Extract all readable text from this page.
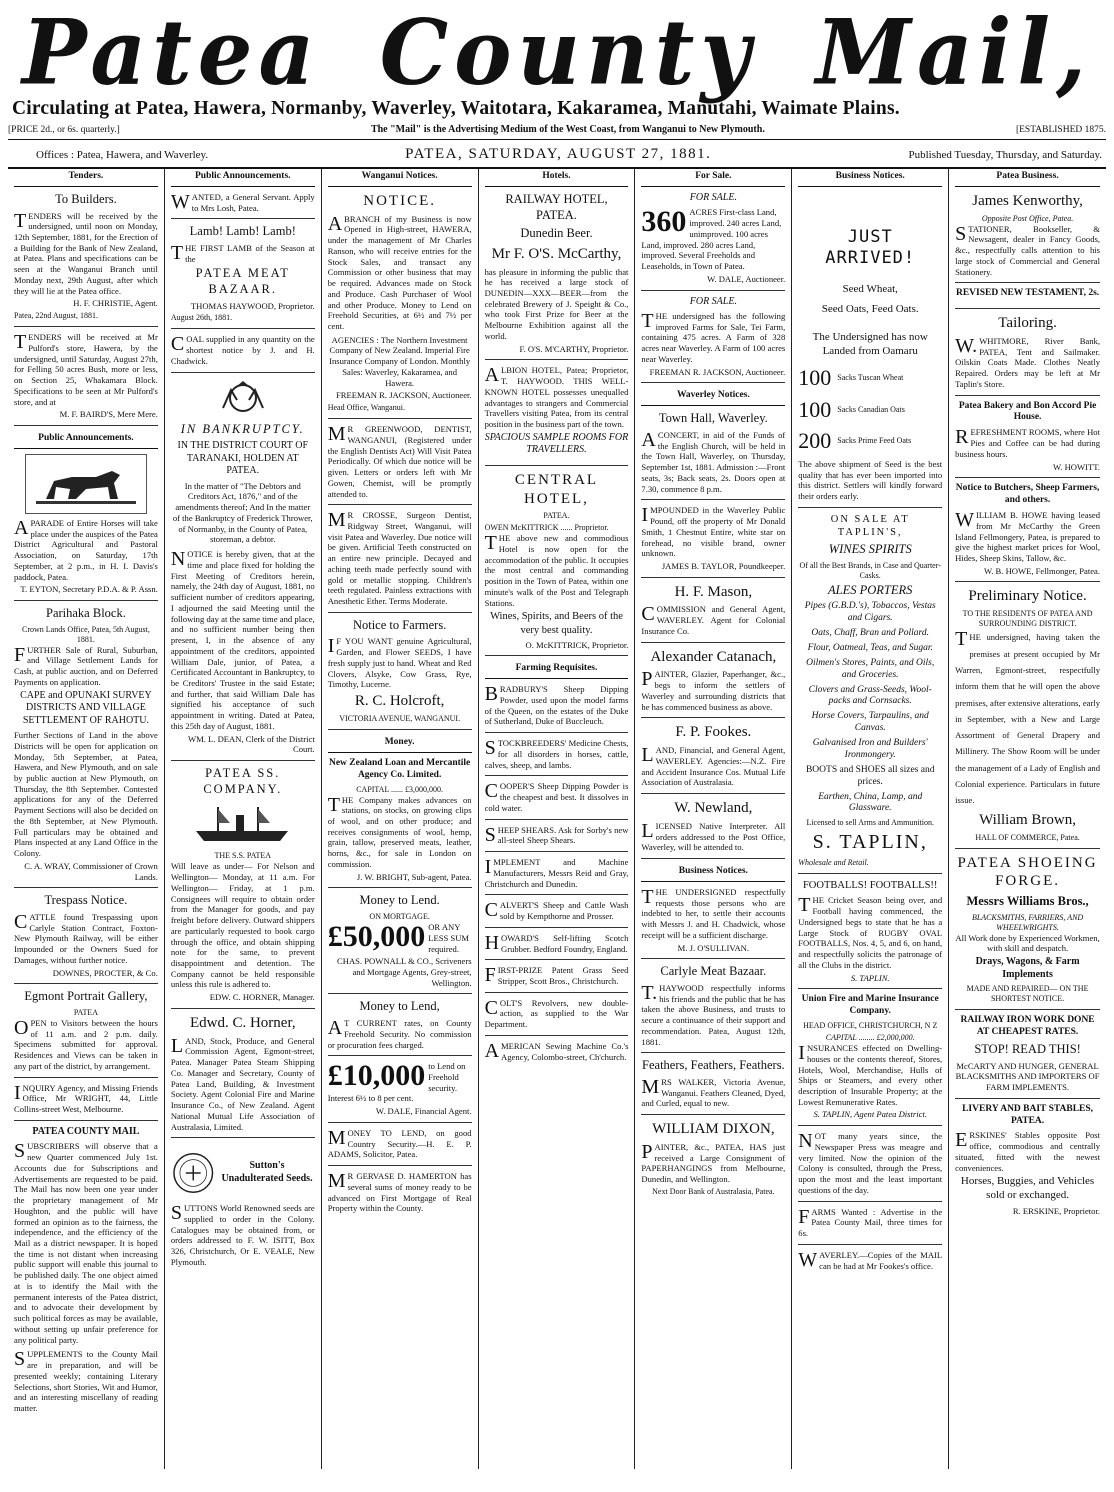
Patea County Mail,
Circulating at Patea, Hawera, Normanby, Waverley, Waitotara, Kakaramea, Manutahi, Waimate Plains.
[PRICE 2d., or 6s. quarterly.]	The "Mail" is the Advertising Medium of the West Coast, from Wanganui to New Plymouth.	[ESTABLISHED 1875.
Offices : Patea, Hawera, and Waverley.	PATEA, SATURDAY, AUGUST 27, 1881.	Published Tuesday, Thursday, and Saturday.
Tenders.
To Builders.

TENDERS will be received by the undersigned, until noon on Monday, 12th September, 1881, for the Erection of a Building for the Bank of New Zealand, at Patea. Plans and specifications can be seen at the Wanganui Branch until Monday next, 29th August, after which they will lie at the Patea office.

H. F. CHRISTIE, Agent.
Patea, 22nd August, 1881.

TENDERS will be received at Mr Pulford's store, Hawera, by the undersigned, until Saturday, August 27th, for Felling 50 acres Bush, more or less, on Section 25, Whakamara Block. Specifications to be seen at Mr Pulford's store, and at

M. F. BAIRD'S, Mere Mere.
Public Announcements.

APARADE of Entire Horses will take place under the auspices of the Patea District Agricultural and Pastoral Association, on Saturday, 17th September, at 2 p.m., in H. I. Davis's paddock, Patea.

T. EYTON, Secretary P.D.A. & P. Assn.
Parihaka Block.
Crown Lands Office, Patea, 5th August, 1881.

FURTHER Sale of Rural, Suburban, and Village Settlement Lands for Cash, at public auction, and on Deferred Payments on application.

CAPE and OPUNAKI SURVEY DISTRICTS AND VILLAGE SETTLEMENT OF RAHOTU.

Further Sections of Land in the above Districts will be open for application on Monday, 5th September, at Patea, Hawera, and New Plymouth, and on sale by public auction at New Plymouth, on Thursday, the 8th September. Contested applications for any of the Deferred Payment Sections will also be decided on the 8th September, at New Plymouth. Full particulars may be obtained and Plans inspected at any Land Office in the Colony.

C. A. WRAY, Commissioner of Crown Lands.
Trespass Notice.

CATTLE found Trespassing upon Carlyle Station Contract, Foxton-New Plymouth Railway, will be either Impounded or the Owners Sued for Damages, without further notice.

DOWNES, PROCTER, & Co.
Egmont Portrait Gallery,
PATEA

OPEN to Visitors between the hours of 11 a.m. and 2 p.m. daily. Specimens submitted for approval. Residences and Views can be taken in any part of the district, by arrangement.

INQUIRY Agency, and Missing Friends Office, Mr WRIGHT, 44, Little Collins-street West, Melbourne.

PATEA COUNTY MAIL

SUBSCRIBERS will observe that a new Quarter commenced July 1st. Accounts due for Subscriptions and Advertisements are requested to be paid. The Mail has now been one year under the proprietary management of Mr Houghton, and the public will have formed an opinion as to the fairness, the independence, and the efficiency of the Mail as a district newspaper. It is hoped the time is not distant when increasing public support will enable this journal to be published daily. The one object aimed at is to identify the Mail with the permanent interests of the Patea district, and to advocate their development by such political forces as may be available, without setting up unfair preference for any political party.

SUPPLEMENTS to the County Mail are in preparation, and will be presented weekly; containing Literary Selections, short Stories, Wit and Humor, and an interesting miscellany of reading matter.

Public Announcements.

WANTED, a General Servant. Apply to Mrs Losh, Patea.

Lamb! Lamb! Lamb!

THE FIRST LAMB of the Season at the

PATEA MEAT BAZAAR.
THOMAS HAYWOOD, Proprietor.
August 26th, 1881.

COAL supplied in any quantity on the shortest notice by J. and H. Chadwick.

IN BANKRUPTCY.
IN THE DISTRICT COURT OF TARANAKI, HOLDEN AT PATEA.

In the matter of "The Debtors and Creditors Act, 1876," and of the amendments thereof; And In the matter of the Bankruptcy of Frederick Thrower, of Normanby, in the County of Patea, storeman, a debtor.

NOTICE is hereby given, that at the time and place fixed for holding the First Meeting of Creditors herein, namely, the 24th day of August, 1881, no sufficient number of creditors appearing, I adjourned the said Meeting until the following day at the same time and place, and no sufficient number being then present, I, in the absence of any appointment of the creditors, appointed William Dale, junior, of Patea, a Certificated Accountant in Bankruptcy, to be Creditors' Trustee in the said Estate; and further, that said William Dale has signified his acceptance of such appointment in writing. Dated at Patea, this 25th day of August, 1881.

WM. L. DEAN, Clerk of the District Court.
PATEA SS. COMPANY.
THE S.S. PATEA

Will leave as under— For Nelson and Wellington— Monday, at 11 a.m. For Wellington— Friday, at 1 p.m. Consignees will require to obtain order from the Manager for goods, and pay freight before delivery. Outward shippers are particularly requested to book cargo through the office, and obtain shipping note for the same, to prevent disappointment and detention. The Company cannot be held responsible unless this rule is adhered to.

EDW. C. HORNER, Manager.
Edwd. C. Horner,

LAND, Stock, Produce, and General Commission Agent, Egmont-street, Patea. Manager Patea Steam Shipping Co. Manager and Secretary, County of Patea Land, Building, & Investment Society. Agent Colonial Fire and Marine Insurance Co., of New Zealand. Agent National Mutual Life Association of Australasia, Limited.

Sutton's Unadulterated Seeds.

SUTTONS World Renowned seeds are supplied to order in the Colony. Catalogues may be obtained from, or orders addressed to F. W. ISITT, Box 326, Christchurch, Or E. VEALE, New Plymouth.

Wanganui Notices.
NOTICE.

ABRANCH of my Business is now Opened in High-street, HAWERA, under the management of Mr Charles Ranson, who will receive entries for the Stock Sales, and transact any Commission or other business that may be required. Advances made on Stock and Produce. Cash Purchaser of Wool and other Produce. Money to Lend on Freehold Securities, at 6½ and 7½ per cent.

AGENCIES : The Northern Investment Company of New Zealand. Imperial Fire Insurance Company of London. Monthly Sales: Waverley, Kakaramea, and Hawera.

FREEMAN R. JACKSON, Auctioneer.
Head Office, Wanganui.

MR GREENWOOD, DENTIST, WANGANUI, (Registered under the English Dentists Act) Will Visit Patea Periodically. Of which due notice will be given. Letters or orders left with Mr Gowen, Chemist, will be promptly attended to.

MR CROSSE, Surgeon Dentist, Ridgway Street, Wanganui, will visit Patea and Waverley. Due notice will be given. Artificial Teeth constructed on an entire new principle. Decayed and aching teeth made perfectly sound with gold or metallic stopping. Children's teeth regulated. Painless extractions with Anesthetic Ether. Terms Moderate.

Notice to Farmers.

IF YOU WANT genuine Agricultural, Garden, and Flower SEEDS, I have fresh supply just to hand. Wheat and Red Clovers, Alsyke, Cow Grass, Rye, Timothy, Lucerne.

R. C. Holcroft,
VICTORIA AVENUE, WANGANUI.
Money.
New Zealand Loan and Mercantile Agency Co. Limited.
CAPITAL ...... £3,000,000.

THE Company makes advances on stations, on stocks, on growing clips of wool, and on other produce; and receives consignments of wool, hemp, grain, tallow, preserved meats, leather, horns, &c., for sale in London on commission.

J. W. BRIGHT, Sub-agent, Patea.
Money to Lend.
ON MORTGAGE.
£50,000 OR ANY LESS SUM required.
CHAS. POWNALL & CO., Scriveners and Mortgage Agents, Grey-street, Wellington.
Money to Lend,

AT CURRENT rates, on County Freehold Security. No commission or procuration fees charged.

£10,000 to Lend on Freehold security. Interest 6½ to 8 per cent.
W. DALE, Financial Agent.

MONEY TO LEND, on good Country Security.—H. E. P. ADAMS, Solicitor, Patea.

MR GERVASE D. HAMERTON has several sums of money ready to be advanced on First Mortgage of Real Property within the County.

Hotels.
RAILWAY HOTEL, PATEA.
Dunedin Beer.
Mr F. O'S. McCarthy,

has pleasure in informing the public that he has received a large stock of DUNEDIN—XXX—BEER—from the celebrated Brewery of J. Speight & Co., who took First Prize for Beer at the Melbourne Exhibition against all the world.

F. O'S. M'CARTHY, Proprietor.

ALBION HOTEL, Patea; Proprietor, T. HAYWOOD. THIS WELL-KNOWN HOTEL possesses unequalled advantages to strangers and Commercial Travellers visiting Patea, from its central position in the business part of the town.

SPACIOUS SAMPLE ROOMS FOR TRAVELLERS.
CENTRAL HOTEL,
PATEA.
OWEN McKITTRICK ...... Proprietor.

THE above new and commodious Hotel is now open for the accommodation of the public. It occupies the most central and commanding position in the Town of Patea, within one minute's walk of the Post and Telegraph Stations.

Wines, Spirits, and Beers of the very best quality.
O. McKITTRICK, Proprietor.
Farming Requisites.

BRADBURY'S Sheep Dipping Powder, used upon the model farms of the Queen, on the estates of the Duke of Sutherland, Duke of Buccleuch.

STOCKBREEDERS' Medicine Chests, for all disorders in horses, cattle, calves, sheep, and lambs.

COOPER'S Sheep Dipping Powder is the cheapest and best. It dissolves in cold water.

SHEEP SHEARS. Ask for Sorby's new all-steel Sheep Shears.

IMPLEMENT and Machine Manufacturers, Messrs Reid and Gray, Christchurch and Dunedin.

CALVERT'S Sheep and Cattle Wash sold by Kempthorne and Prosser.

HOWARD'S Self-lifting Scotch Grubber. Bedford Foundry, England.

FIRST-PRIZE Patent Grass Seed Stripper, Scott Bros., Christchurch.

COLT'S Revolvers, new double-action, as supplied to the War Department.

AMERICAN Sewing Machine Co.'s Agency, Colombo-street, Ch'church.

For Sale.
FOR SALE.
360 ACRES First-class Land, improved. 240 acres Land, unimproved. 100 acres Land, improved. 280 acres Land, improved. Several Freeholds and Leaseholds, in Town of Patea.
W. DALE, Auctioneer.
FOR SALE.

THE undersigned has the following improved Farms for Sale, Tei Farm, containing 475 acres. A Farm of 328 acres near Waverley. A Farm of 100 acres near Waverley.

FREEMAN R. JACKSON, Auctioneer.
Waverley Notices.
Town Hall, Waverley.

ACONCERT, in aid of the Funds of the English Church, will be held in the Town Hall, Waverley, on Thursday, September 1st, 1881. Admission :—Front seats, 3s; Back seats, 2s. Doors open at 7.30, commence 8 p.m.

IMPOUNDED in the Waverley Public Pound, off the property of Mr Donald Smith, 1 Chestnut Entire, white star on forehead, no visible brand, owner unknown.

JAMES B. TAYLOR, Poundkeeper.
H. F. Mason,

COMMISSION and General Agent, WAVERLEY. Agent for Colonial Insurance Co.

Alexander Catanach,

PAINTER, Glazier, Paperhanger, &c., begs to inform the settlers of Waverley and surrounding districts that he has commenced business as above.

F. P. Fookes.

LAND, Financial, and General Agent, WAVERLEY. Agencies:—N.Z. Fire and Accident Insurance Cos. Mutual Life Association of Australasia.

W. Newland,

LICENSED Native Interpreter. All orders addressed to the Post Office, Waverley, will be attended to.

Business Notices.

THE UNDERSIGNED respectfully requests those persons who are indebted to her, to settle their accounts with Messrs J. and H. Chadwick, whose receipt will be a sufficient discharge.

M. J. O'SULLIVAN.
Carlyle Meat Bazaar.

T.HAYWOOD respectfully informs his friends and the public that he has taken the above Business, and trusts to secure a continuance of their support and recommendation. Patea, August 12th, 1881.

Feathers, Feathers, Feathers.

MRS WALKER, Victoria Avenue, Wanganui. Feathers Cleaned, Dyed, and Curled, equal to new.

WILLIAM DIXON,

PAINTER, &c., PATEA, HAS just received a Large Consignment of PAPERHANGINGS from Melbourne, Dunedin, and Wellington.

Next Door Bank of Australasia, Patea.
Business Notices.
JUST ARRIVED!
Seed Wheat,
Seed Oats, Feed Oats.
The Undersigned has now Landed from Oamaru
100 Sacks Tuscan Wheat
100 Sacks Canadian Oats
200 Sacks Prime Feed Oats

The above shipment of Seed is the best quality that has ever been imported into this district. Settlers will kindly forward their orders early.

ON SALE AT TAPLIN'S,
WINES SPIRITS
Of all the Best Brands, in Case and Quarter-Casks.
ALES PORTERS
Pipes (G.B.D.'s), Tobaccos, Vestas and Cigars.
Oats, Chaff, Bran and Pollard.
Flour, Oatmeal, Teas, and Sugar.
Oilmen's Stores, Paints, and Oils, and Groceries.
Clovers and Grass-Seeds, Wool-packs and Cornsacks.
Horse Covers, Tarpaulins, and Canvas.
Galvanised Iron and Builders' Ironmongery.
BOOTS and SHOES all sizes and prices.
Earthen, China, Lamp, and Glassware.
Licensed to sell Arms and Ammunition.
S. TAPLIN,
Wholesale and Retail.
FOOTBALLS! FOOTBALLS!!

THE Cricket Season being over, and Football having commenced, the Undersigned begs to state that he has a Large Stock of RUGBY OVAL FOOTBALLS, Nos. 4, 5, and 6, on hand, and respectfully solicits the patronage of all the Clubs in the district.

S. TAPLIN.
Union Fire and Marine Insurance Company.
HEAD OFFICE, CHRISTCHURCH, N Z
CAPITAL ........ £2,000,000.

INSURANCES effected on Dwelling-houses or the contents thereof, Stores, Hotels, Wool, Merchandise, Hulls of Ships or Steamers, and every other description of Insurable Property; at the Lowest Remunerative Rates.

S. TAPLIN, Agent Patea District.

NOT many years since, the Newspaper Press was meagre and very limited. Now the opinion of the Colony is consulted, through the Press, upon the most and the least important questions of the day.

FARMS Wanted : Advertise in the Patea County Mail, three times for 6s.

WAVERLEY.—Copies of the MAIL can be had at Mr Fookes's office.

Patea Business.
James Kenworthy,
Opposite Post Office, Patea.

STATIONER, Bookseller, & Newsagent, dealer in Fancy Goods, &c., respectfully calls attention to his large stock of Commercial and General Stationery.

REVISED NEW TESTAMENT, 2s.
Tailoring.

W.WHITMORE, River Bank, PATEA, Tent and Sailmaker. Oilskin Coats Made. Clothes Neatly Repaired. Orders may be left at Mr Taplin's Store.

Patea Bakery and Bon Accord Pie House.

REFRESHMENT ROOMS, where Hot Pies and Coffee can be had during business hours.

W. HOWITT.
Notice to Butchers, Sheep Farmers, and others.

WILLIAM B. HOWE having leased from Mr McCarthy the Green Island Fellmongery, Patea, is prepared to give the highest market prices for Wool, Hides, Sheep Skins, Tallow, &c.

W. B. HOWE, Fellmonger, Patea.
Preliminary Notice.
TO THE RESIDENTS OF PATEA AND SURROUNDING DISTRICT.

THE undersigned, having taken the premises at present occupied by Mr Warren, Egmont-street, respectfully inform them that he will open the above premises, after extensive alterations, early in September, with a New and Large Assortment of General Drapery and Millinery. The Show Room will be under the management of a Lady of English and Colonial experience. Particulars in future issue.

William Brown,
HALL OF COMMERCE, Patea.
PATEA SHOEING FORGE.
Messrs Williams Bros.,
BLACKSMITHS, FARRIERS, AND WHEELWRIGHTS.

All Work done by Experienced Workmen, with skill and despatch.

Drays, Wagons, & Farm Implements
MADE AND REPAIRED— ON THE SHORTEST NOTICE.
RAILWAY IRON WORK DONE AT CHEAPEST RATES.
STOP! READ THIS!

McCARTY AND HUNGER, GENERAL BLACKSMITHS AND IMPORTERS OF FARM IMPLEMENTS.

LIVERY AND BAIT STABLES, PATEA.

ERSKINES' Stables opposite Post office, commodious and centrally situated, fitted with the newest conveniences.

Horses, Buggies, and Vehicles sold or exchanged.
R. ERSKINE, Proprietor.
